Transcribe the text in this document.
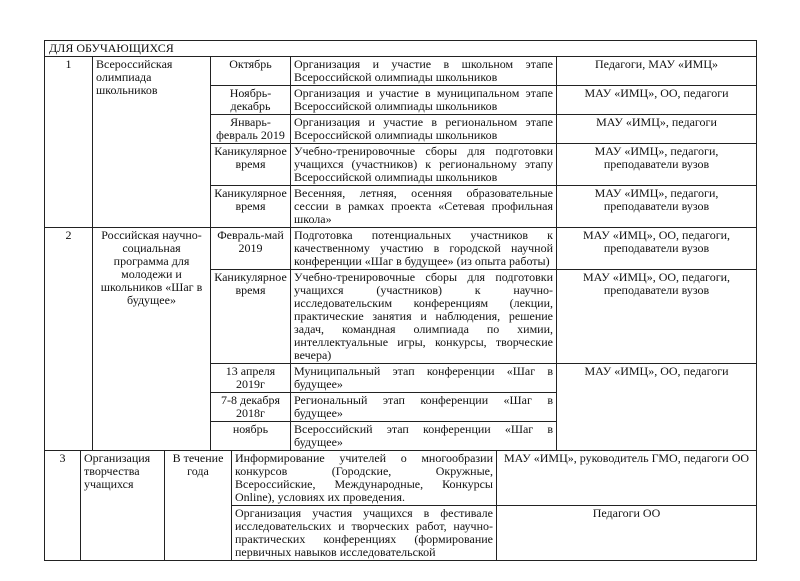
ДЛЯ ОБУЧАЮЩИХСЯ				
1	Всероссийская олимпиада школьников	Октябрь	Организация и участие в школьном этапе Всероссийской олимпиады школьников	Педагоги, МАУ «ИМЦ»
		Ноябрь-декабрь	Организация и участие в муниципальном этапе Всероссийской олимпиады школьников	МАУ «ИМЦ», ОО, педагоги
		Январь-февраль 2019	Организация и участие в региональном этапе Всероссийской олимпиады школьников	МАУ «ИМЦ», педагоги
		Каникулярное время	Учебно-тренировочные сборы для подготовки учащихся (участников) к региональному этапу Всероссийской олимпиады школьников	МАУ «ИМЦ», педагоги, преподаватели вузов
		Каникулярное время	Весенняя, летняя, осенняя образовательные сессии в рамках проекта «Сетевая профильная школа»	МАУ «ИМЦ», педагоги, преподаватели вузов
2	Российская научно-социальная программа для молодежи и школьников «Шаг в будущее»	Февраль-май 2019	Подготовка потенциальных участников к качественному участию в городской научной конференции «Шаг в будущее» (из опыта работы)	МАУ «ИМЦ», ОО, педагоги, преподаватели вузов
		Каникулярное время	Учебно-тренировочные сборы для подготовки учащихся (участников) к научно-исследовательским конференциям (лекции, практические занятия и наблюдения, решение задач, командная олимпиада по химии, интеллектуальные игры, конкурсы, творческие вечера)	МАУ «ИМЦ», ОО, педагоги, преподаватели вузов
		13 апреля 2019г	Муниципальный этап конференции «Шаг в будущее»	МАУ «ИМЦ», ОО, педагоги
		7-8 декабря 2018г	Региональный этап конференции «Шаг в будущее»	
		ноябрь	Всероссийский этап конференции «Шаг в будущее»	
3	Организация творчества учащихся	В течение года	Информирование учителей о многообразии конкурсов (Городские, Окружные, Всероссийские, Международные, Конкурсы Online), условиях их проведения.	МАУ «ИМЦ», руководитель ГМО, педагоги ОО
			Организация участия учащихся в фестивале исследовательских и творческих работ, научно-практических конференциях (формирование первичных навыков исследовательской	Педагоги ОО
